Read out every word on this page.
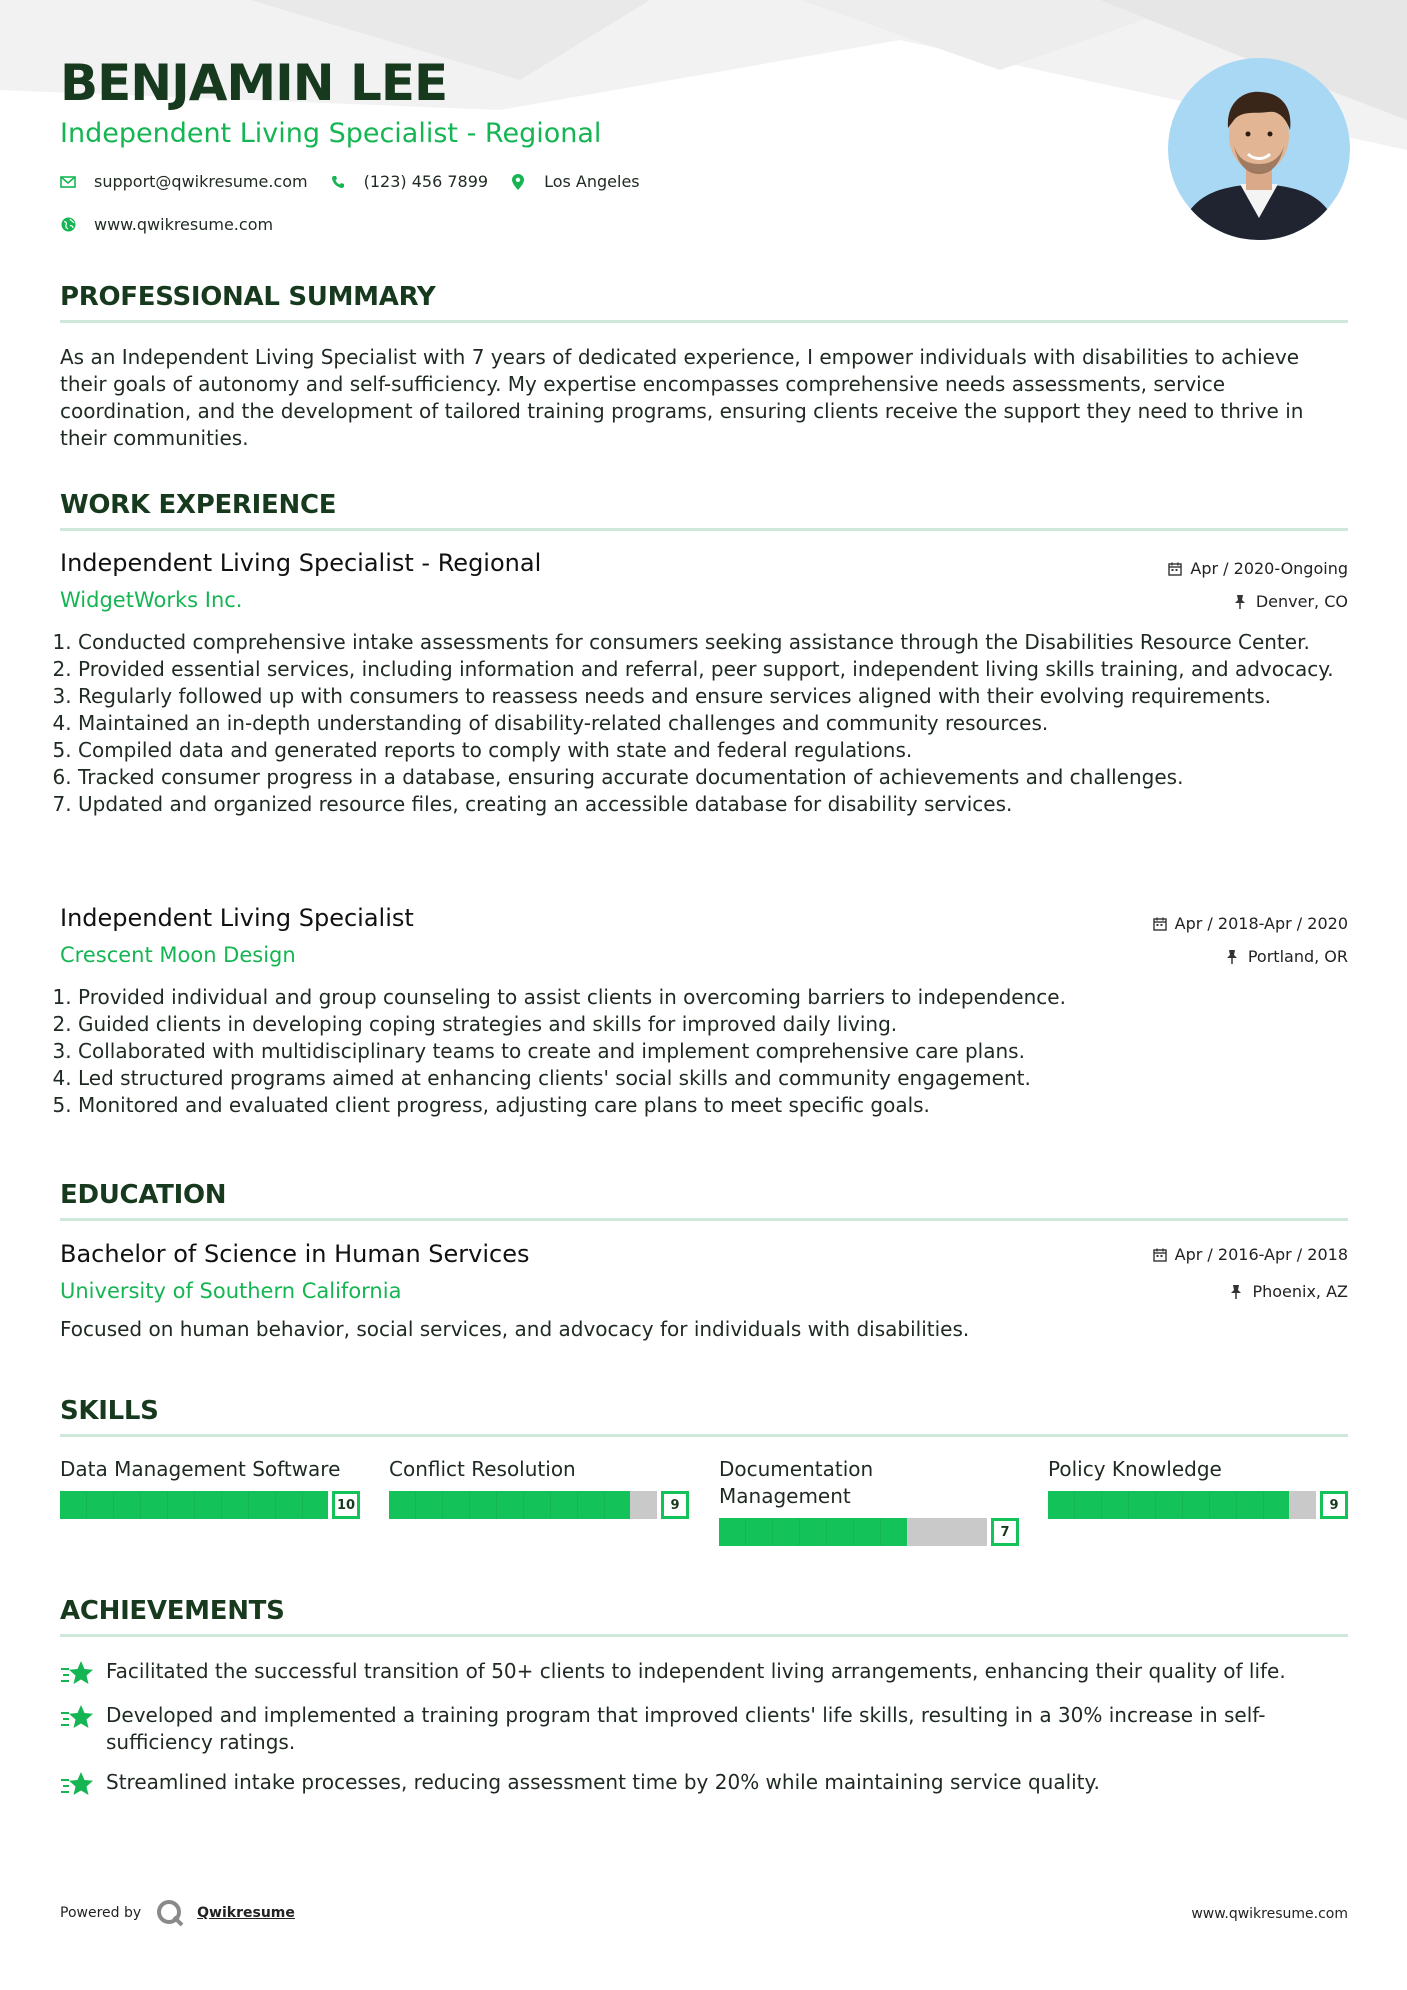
BENJAMIN LEE
Independent Living Specialist - Regional
support@qwikresume.com	(123) 456 7899	Los Angeles
www.qwikresume.com
PROFESSIONAL SUMMARY

As an Independent Living Specialist with 7 years of dedicated experience, I empower individuals with disabilities to achieve their goals of autonomy and self-sufficiency. My expertise encompasses comprehensive needs assessments, service coordination, and the development of tailored training programs, ensuring clients receive the support they need to thrive in their communities.

WORK EXPERIENCE
Independent Living Specialist - Regional
WidgetWorks Inc.
Apr / 2020-Ongoing
Denver, CO
1. Conducted comprehensive intake assessments for consumers seeking assistance through the Disabilities Resource Center.
2. Provided essential services, including information and referral, peer support, independent living skills training, and advocacy.
3. Regularly followed up with consumers to reassess needs and ensure services aligned with their evolving requirements.
4. Maintained an in-depth understanding of disability-related challenges and community resources.
5. Compiled data and generated reports to comply with state and federal regulations.
6. Tracked consumer progress in a database, ensuring accurate documentation of achievements and challenges.
7. Updated and organized resource files, creating an accessible database for disability services.
Independent Living Specialist
Crescent Moon Design
Apr / 2018-Apr / 2020
Portland, OR
1. Provided individual and group counseling to assist clients in overcoming barriers to independence.
2. Guided clients in developing coping strategies and skills for improved daily living.
3. Collaborated with multidisciplinary teams to create and implement comprehensive care plans.
4. Led structured programs aimed at enhancing clients' social skills and community engagement.
5. Monitored and evaluated client progress, adjusting care plans to meet specific goals.
EDUCATION
Bachelor of Science in Human Services
University of Southern California
Apr / 2016-Apr / 2018
Phoenix, AZ

Focused on human behavior, social services, and advocacy for individuals with disabilities.

SKILLS
Data Management Software
10
Conflict Resolution
9
Documentation Management
7
Policy Knowledge
9
ACHIEVEMENTS
Facilitated the successful transition of 50+ clients to independent living arrangements, enhancing their quality of life.
Developed and implemented a training program that improved clients' life skills, resulting in a 30% increase in self-sufficiency ratings.
Streamlined intake processes, reducing assessment time by 20% while maintaining service quality.
Powered by	Qwikresume	www.qwikresume.com
